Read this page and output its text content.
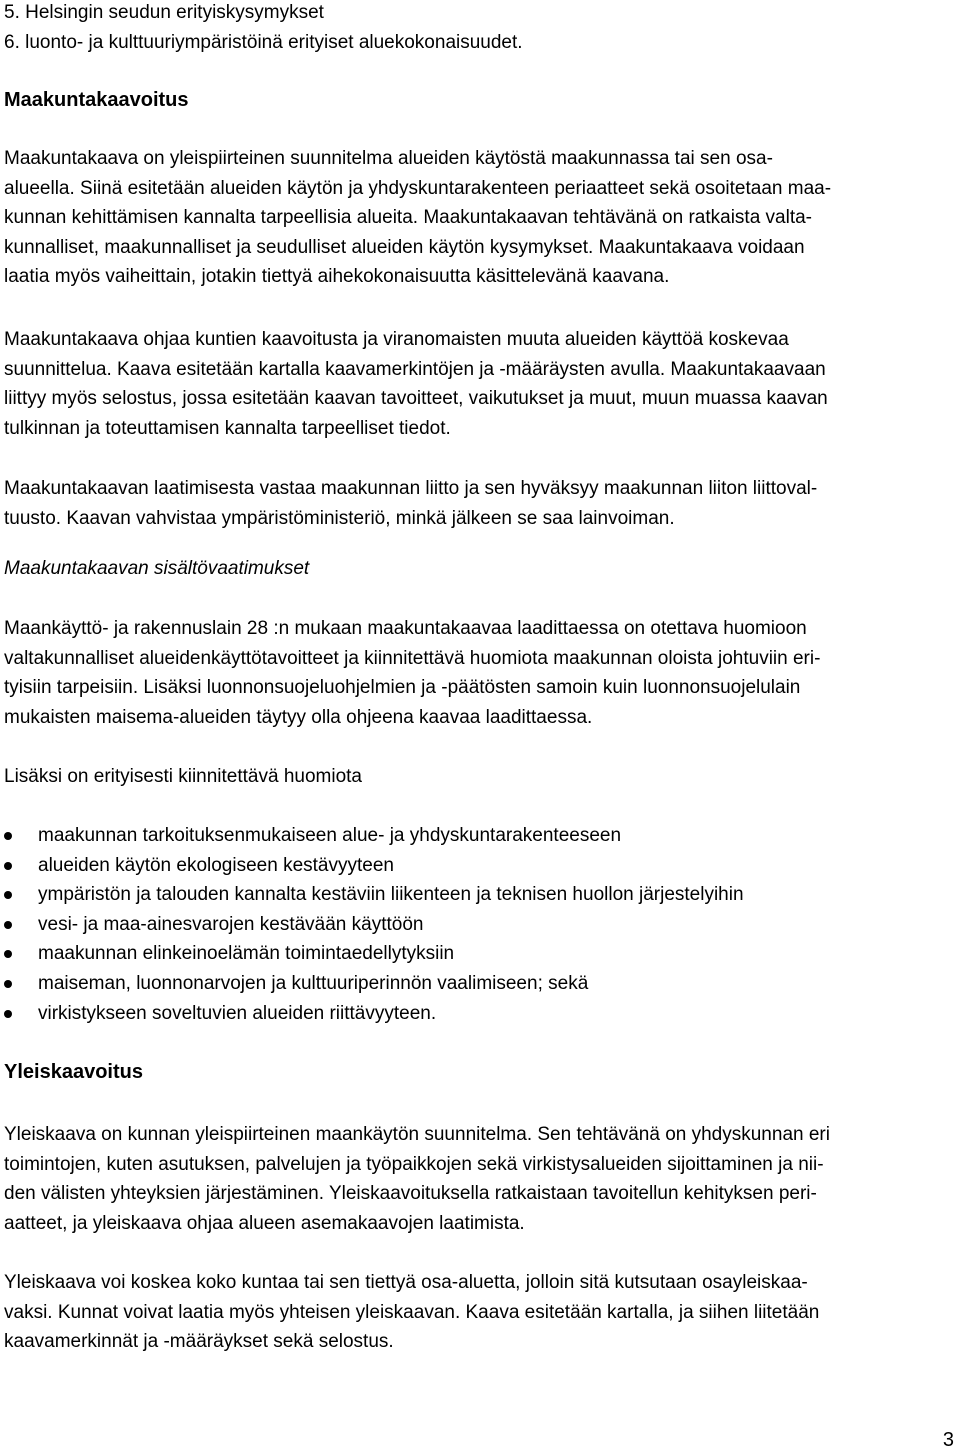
5. Helsingin seudun erityiskysymykset
6. luonto- ja kulttuuriympäristöinä erityiset aluekokonaisuudet.
Maakuntakaavoitus
Maakuntakaava on yleispiirteinen suunnitelma alueiden käytöstä maakunnassa tai sen osa-
alueella. Siinä esitetään alueiden käytön ja yhdyskuntarakenteen periaatteet sekä osoitetaan maa-
kunnan kehittämisen kannalta tarpeellisia alueita. Maakuntakaavan tehtävänä on ratkaista valta-
kunnalliset, maakunnalliset ja seudulliset alueiden käytön kysymykset. Maakuntakaava voidaan
laatia myös vaiheittain, jotakin tiettyä aihekokonaisuutta käsittelevänä kaavana.
Maakuntakaava ohjaa kuntien kaavoitusta ja viranomaisten muuta alueiden käyttöä koskevaa
suunnittelua. Kaava esitetään kartalla kaavamerkintöjen ja -määräysten avulla. Maakuntakaavaan
liittyy myös selostus, jossa esitetään kaavan tavoitteet, vaikutukset ja muut, muun muassa kaavan
tulkinnan ja toteuttamisen kannalta tarpeelliset tiedot.
Maakuntakaavan laatimisesta vastaa maakunnan liitto ja sen hyväksyy maakunnan liiton liittoval-
tuusto. Kaavan vahvistaa ympäristöministeriö, minkä jälkeen se saa lainvoiman.
Maakuntakaavan sisältövaatimukset
Maankäyttö- ja rakennuslain 28 :n mukaan maakuntakaavaa laadittaessa on otettava huomioon
valtakunnalliset alueidenkäyttötavoitteet ja kiinnitettävä huomiota maakunnan oloista johtuviin eri-
tyisiin tarpeisiin. Lisäksi luonnonsuojeluohjelmien ja -päätösten samoin kuin luonnonsuojelulain
mukaisten maisema-alueiden täytyy olla ohjeena kaavaa laadittaessa.
Lisäksi on erityisesti kiinnitettävä huomiota
maakunnan tarkoituksenmukaiseen alue- ja yhdyskuntarakenteeseen
alueiden käytön ekologiseen kestävyyteen
ympäristön ja talouden kannalta kestäviin liikenteen ja teknisen huollon järjestelyihin
vesi- ja maa-ainesvarojen kestävään käyttöön
maakunnan elinkeinoelämän toimintaedellytyksiin
maiseman, luonnonarvojen ja kulttuuriperinnön vaalimiseen; sekä
virkistykseen soveltuvien alueiden riittävyyteen.
Yleiskaavoitus
Yleiskaava on kunnan yleispiirteinen maankäytön suunnitelma. Sen tehtävänä on yhdyskunnan eri
toimintojen, kuten asutuksen, palvelujen ja työpaikkojen sekä virkistysalueiden sijoittaminen ja nii-
den välisten yhteyksien järjestäminen. Yleiskaavoituksella ratkaistaan tavoitellun kehityksen peri-
aatteet, ja yleiskaava ohjaa alueen asemakaavojen laatimista.
Yleiskaava voi koskea koko kuntaa tai sen tiettyä osa-aluetta, jolloin sitä kutsutaan osayleiskaa-
vaksi. Kunnat voivat laatia myös yhteisen yleiskaavan. Kaava esitetään kartalla, ja siihen liitetään
kaavamerkinnät ja -määräykset sekä selostus.
3
